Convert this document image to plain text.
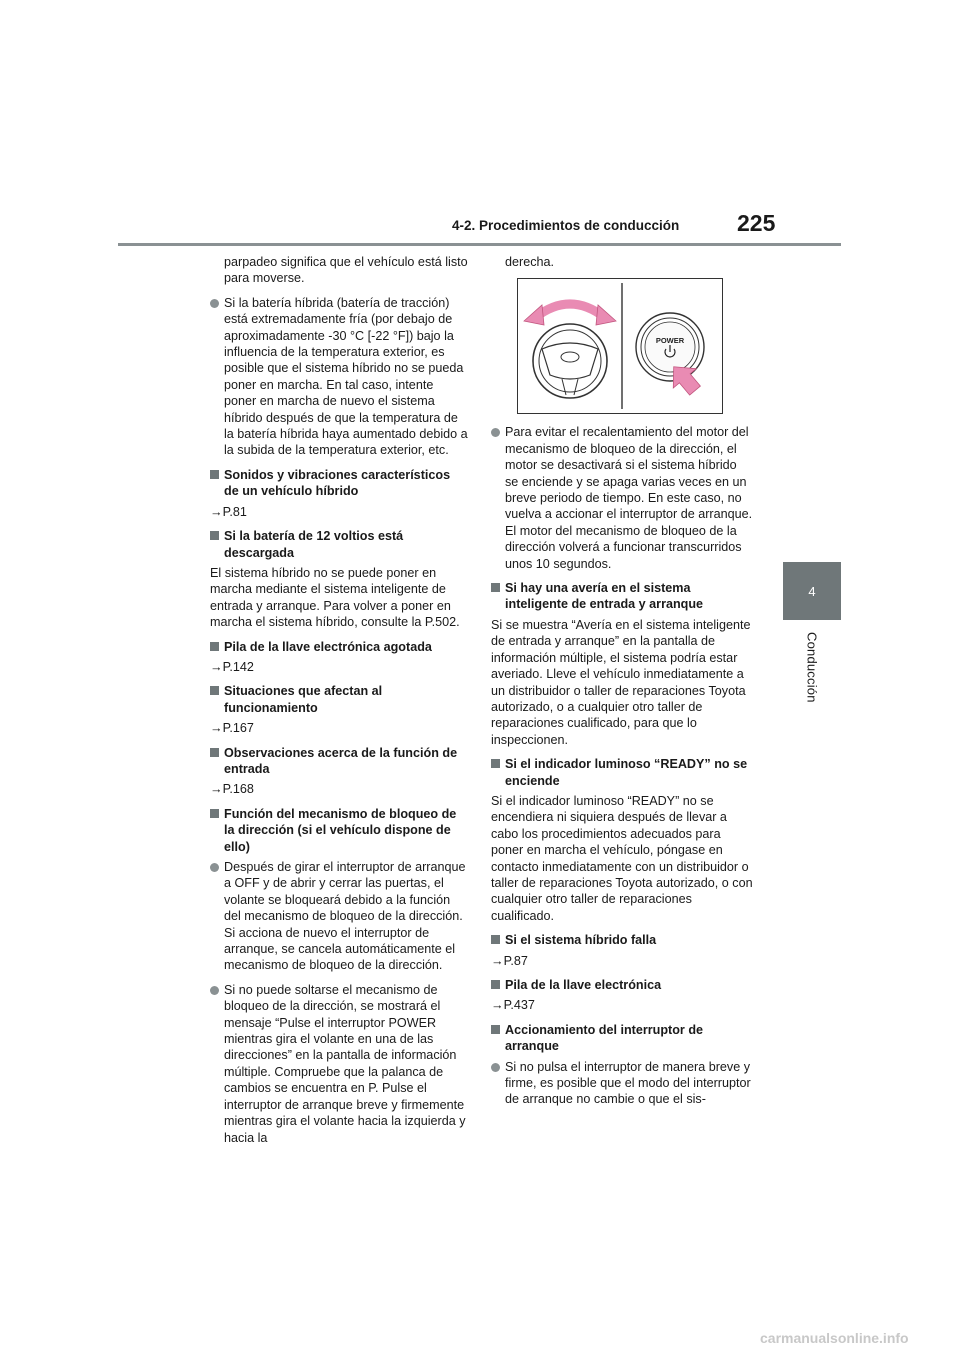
4-2. Procedimientos de conducción	225
4
Conducción
parpadeo significa que el vehículo está listo para moverse.
Si la batería híbrida (batería de tracción) está extremadamente fría (por debajo de aproximadamente -30 °C [-22 °F]) bajo la influencia de la temperatura exterior, es posible que el sistema híbrido no se pueda poner en marcha. En tal caso, intente poner en marcha de nuevo el sistema híbrido después de que la temperatura de la batería híbrida haya aumentado debido a la subida de la temperatura exterior, etc.
Sonidos y vibraciones característicos de un vehículo híbrido
→P.81
Si la batería de 12 voltios está descargada
El sistema híbrido no se puede poner en marcha mediante el sistema inteligente de entrada y arranque. Para volver a poner en marcha el sistema híbrido, consulte la P.502.
Pila de la llave electrónica agotada
→P.142
Situaciones que afectan al funcionamiento
→P.167
Observaciones acerca de la función de entrada
→P.168
Función del mecanismo de bloqueo de la dirección (si el vehículo dispone de ello)
Después de girar el interruptor de arranque a OFF y de abrir y cerrar las puertas, el volante se bloqueará debido a la función del mecanismo de bloqueo de la dirección. Si acciona de nuevo el interruptor de arranque, se cancela automáticamente el mecanismo de bloqueo de la dirección.
Si no puede soltarse el mecanismo de bloqueo de la dirección, se mostrará el mensaje “Pulse el interruptor POWER mientras gira el volante en una de las direcciones” en la pantalla de información múltiple. Compruebe que la palanca de cambios se encuentra en P. Pulse el interruptor de arranque breve y firmemente mientras gira el volante hacia la izquierda y hacia la
derecha.
POWER
Para evitar el recalentamiento del motor del mecanismo de bloqueo de la dirección, el motor se desactivará si el sistema híbrido se enciende y se apaga varias veces en un breve periodo de tiempo. En este caso, no vuelva a accionar el interruptor de arranque. El motor del mecanismo de bloqueo de la dirección volverá a funcionar transcurridos unos 10 segundos.
Si hay una avería en el sistema inteligente de entrada y arranque
Si se muestra “Avería en el sistema inteligente de entrada y arranque” en la pantalla de información múltiple, el sistema podría estar averiado. Lleve el vehículo inmediatamente a un distribuidor o taller de reparaciones Toyota autorizado, o a cualquier otro taller de reparaciones cualificado, para que lo inspeccionen.
Si el indicador luminoso “READY” no se enciende
Si el indicador luminoso “READY” no se encendiera ni siquiera después de llevar a cabo los procedimientos adecuados para poner en marcha el vehículo, póngase en contacto inmediatamente con un distribuidor o taller de reparaciones Toyota autorizado, o con cualquier otro taller de reparaciones cualificado.
Si el sistema híbrido falla
→P.87
Pila de la llave electrónica
→P.437
Accionamiento del interruptor de arranque
Si no pulsa el interruptor de manera breve y firme, es posible que el modo del interruptor de arranque no cambie o que el sis-
carmanualsonline.info
